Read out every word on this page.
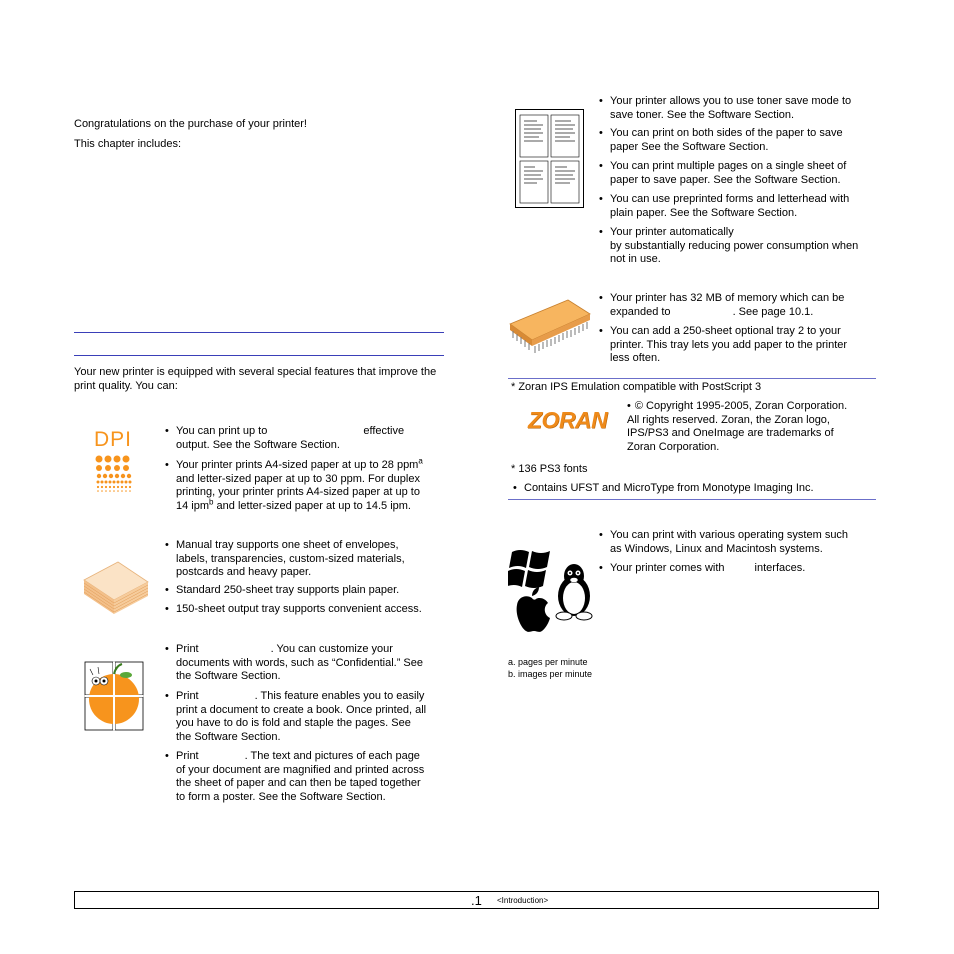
Congratulations on the purchase of your printer!
This chapter includes:
Your new printer is equipped with several special features that improve the print quality. You can:
DPI	• You can print up to	effective
output. See the Software Section.
• Your printer prints A4-sized paper at up to 28 ppm$^a$
and letter-sized paper at up to 30 ppm. For duplex
printing, your printer prints A4-sized paper at up to
14 ipm$^b$ and letter-sized paper at up to 14.5 ipm.
• Manual tray supports one sheet of envelopes,
labels, transparencies, custom-sized materials,
postcards and heavy paper.
• Standard 250-sheet tray supports plain paper.
• 150-sheet output tray supports convenient access.
• Print	. You can customize your
documents with words, such as “Confidential.” See
the Software Section.
• Print	. This feature enables you to easily
print a document to create a book. Once printed, all
you have to do is fold and staple the pages. See
the Software Section.
• Print	. The text and pictures of each page
of your document are magnified and printed across
the sheet of paper and can then be taped together
to form a poster. See the Software Section.
• Your printer allows you to use toner save mode to
save toner. See the Software Section.
• You can print on both sides of the paper to save
paper See the Software Section.
• You can print multiple pages on a single sheet of
paper to save paper. See the Software Section.
• You can use preprinted forms and letterhead with
plain paper. See the Software Section.
• Your printer automatically
by substantially reducing power consumption when
not in use.
• Your printer has 32 MB of memory which can be
expanded to	. See page 10.1.
• You can add a 250-sheet optional tray 2 to your
printer. This tray lets you add paper to the printer
less often.
* Zoran IPS Emulation compatible with PostScript 3
ZORAN
• © Copyright 1995-2005, Zoran Corporation.
All rights reserved. Zoran, the Zoran logo,
IPS/PS3 and OneImage are trademarks of
Zoran Corporation.
* 136 PS3 fonts
• Contains UFST and MicroType from Monotype Imaging Inc.
• You can print with various operating system such
as Windows, Linux and Macintosh systems.
• Your printer comes with	interfaces.
a. pages per minute
b. images per minute
.1 <Introduction>
